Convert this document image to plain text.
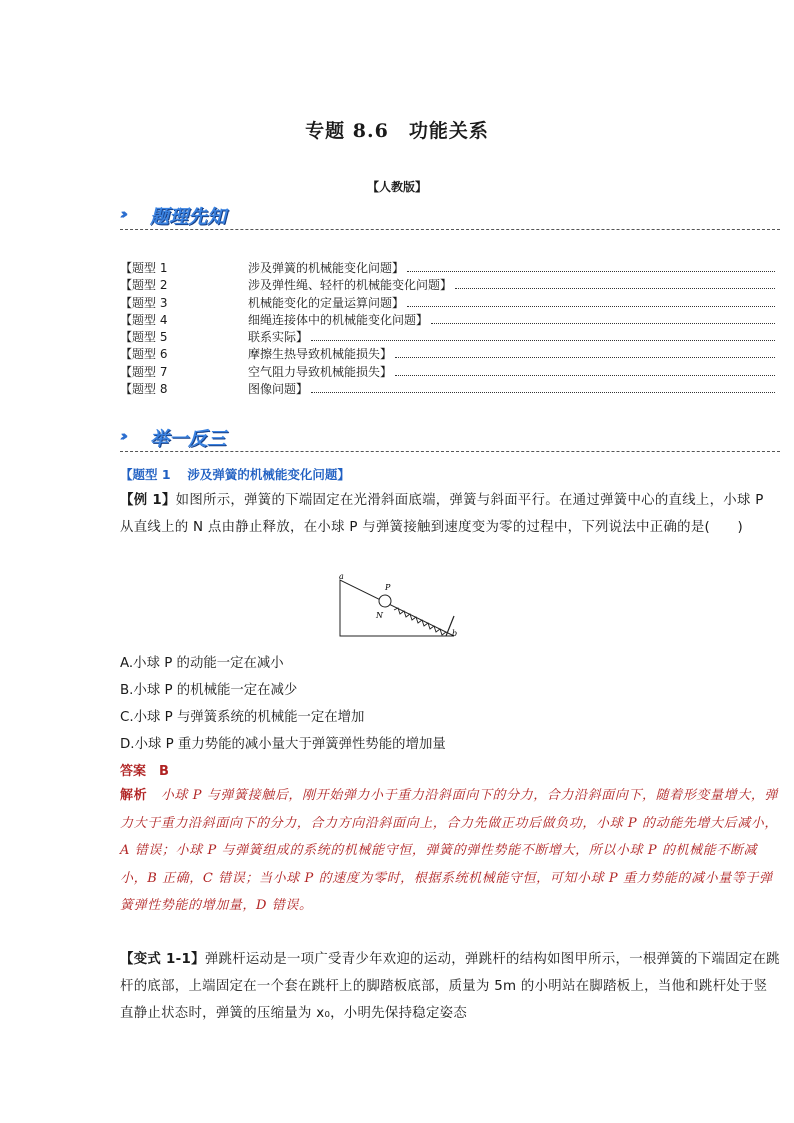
专题 8.6　功能关系
【人教版】
››› 题理先知
【题型 1　	涉及弹簧的机械能变化问题】
【题型 2　	涉及弹性绳、轻杆的机械能变化问题】
【题型 3　	机械能变化的定量运算问题】
【题型 4　	细绳连接体中的机械能变化问题】
【题型 5　	联系实际】
【题型 6　	摩擦生热导致机械能损失】
【题型 7　	空气阻力导致机械能损失】
【题型 8　	图像问题】
››› 举一反三
【题型 1　 涉及弹簧的机械能变化问题】
【例 1】如图所示，弹簧的下端固定在光滑斜面底端，弹簧与斜面平行。在通过弹簧中心的直线上，小球 P 从直线上的 N 点由静止释放，在小球 P 与弹簧接触到速度变为零的过程中，下列说法中正确的是(　　)
a
P
N
b
A.小球 P 的动能一定在减小
B.小球 P 的机械能一定在减少
C.小球 P 与弹簧系统的机械能一定在增加
D.小球 P 重力势能的减小量大于弹簧弹性势能的增加量
答案　B
解析　小球 P 与弹簧接触后，刚开始弹力小于重力沿斜面向下的分力，合力沿斜面向下，随着形变量增大，弹力大于重力沿斜面向下的分力，合力方向沿斜面向上，合力先做正功后做负功，小球 P 的动能先增大后减小，A 错误；小球 P 与弹簧组成的系统的机械能守恒，弹簧的弹性势能不断增大，所以小球 P 的机械能不断减小，B 正确，C 错误；当小球 P 的速度为零时，根据系统机械能守恒，可知小球 P 重力势能的减小量等于弹簧弹性势能的增加量，D 错误。
【变式 1-1】弹跳杆运动是一项广受青少年欢迎的运动，弹跳杆的结构如图甲所示，一根弹簧的下端固定在跳杆的底部，上端固定在一个套在跳杆上的脚踏板底部，质量为 5m 的小明站在脚踏板上，当他和跳杆处于竖直静止状态时，弹簧的压缩量为 x₀，小明先保持稳定姿态
